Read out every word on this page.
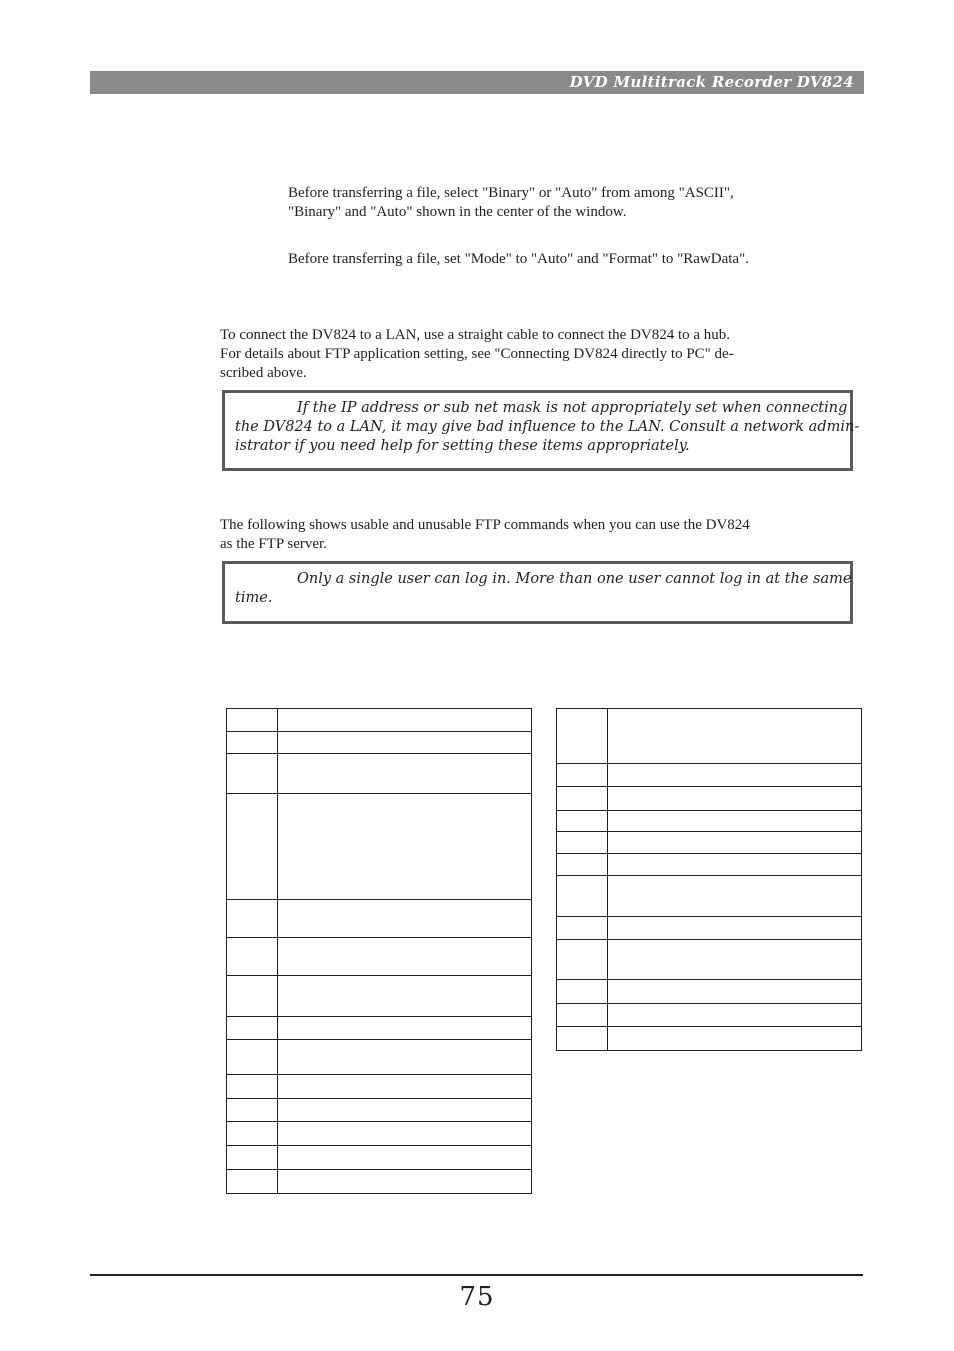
DVD Multitrack Recorder DV824

Before transferring a file, select "Binary" or "Auto" from among "ASCII",
"Binary" and "Auto" shown in the center of the window.

Before transferring a file, set "Mode" to "Auto" and "Format" to "RawData".

To connect the DV824 to a LAN, use a straight cable to connect the DV824 to a hub.
For details about FTP application setting, see "Connecting DV824 directly to PC" de-
scribed above.

If the IP address or sub net mask is not appropriately set when connecting
the DV824 to a LAN, it may give bad influence to the LAN. Consult a network admin-
istrator if you need help for setting these items appropriately.

The following shows usable and unusable FTP commands when you can use the DV824
as the FTP server.

Only a single user can log in. More than one user cannot log in at the same
time.

75
